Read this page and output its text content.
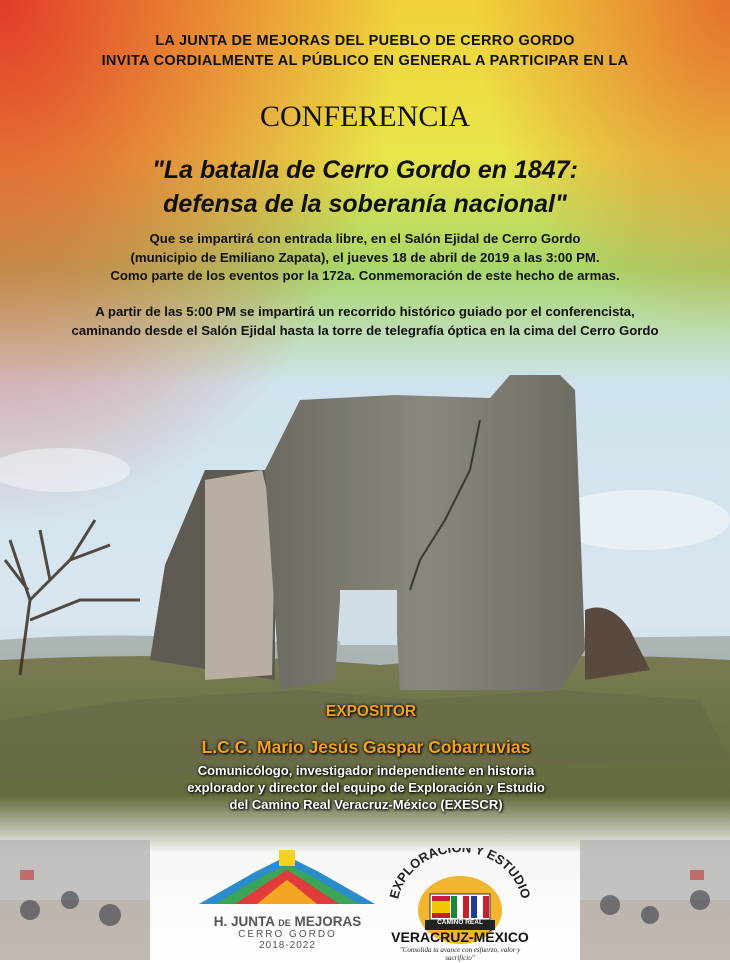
LA JUNTA DE MEJORAS DEL PUEBLO DE CERRO GORDO
INVITA CORDIALMENTE AL PÚBLICO EN GENERAL A PARTICIPAR EN LA
CONFERENCIA
"La batalla de Cerro Gordo en 1847:
defensa de la soberanía nacional"
Que se impartirá con entrada libre, en el Salón Ejidal de Cerro Gordo
(municipio de Emiliano Zapata), el jueves 18 de abril de 2019 a las 3:00 PM.
Como parte de los eventos por la 172a. Conmemoración de este hecho de armas.
A partir de las 5:00 PM se impartirá un recorrido histórico guiado por el conferencista,
caminando desde el Salón Ejidal hasta la torre de telegrafía óptica en la cima del Cerro Gordo
EXPOSITOR
L.C.C. Mario Jesús Gaspar Cobarruvias
Comunicólogo, investigador independiente en historia
explorador y director del equipo de Exploración y Estudio
del Camino Real Veracruz-México (EXESCR)
H. JUNTA DE MEJORAS
CERRO GORDO
2018-2022
EXPLORACI Y ESTUDIO
CAMINO REAL
VERACRUZ-MÉXICO
"Consolida tu avance con esfuerzo, valor y sacrificio"
